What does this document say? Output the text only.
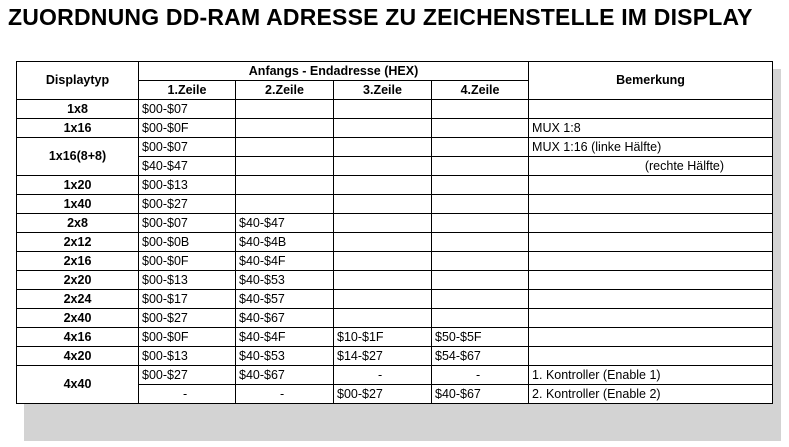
ZUORDNUNG DD-RAM ADRESSE ZU ZEICHENSTELLE IM DISPLAY
Displaytyp	Anfangs - Endadresse (HEX)				Bemerkung
	1.Zeile	2.Zeile	3.Zeile	4.Zeile	
1x8	$00-$07				
1x16	$00-$0F				MUX 1:8
1x16(8+8)	$00-$07				MUX 1:16 (linke Hälfte)
	$40-$47				(rechte Hälfte)
1x20	$00-$13				
1x40	$00-$27				
2x8	$00-$07	$40-$47			
2x12	$00-$0B	$40-$4B			
2x16	$00-$0F	$40-$4F			
2x20	$00-$13	$40-$53			
2x24	$00-$17	$40-$57			
2x40	$00-$27	$40-$67			
4x16	$00-$0F	$40-$4F	$10-$1F	$50-$5F	
4x20	$00-$13	$40-$53	$14-$27	$54-$67	
4x40	$00-$27	$40-$67	-	-	1. Kontroller (Enable 1)
	-	-	$00-$27	$40-$67	2. Kontroller (Enable 2)
